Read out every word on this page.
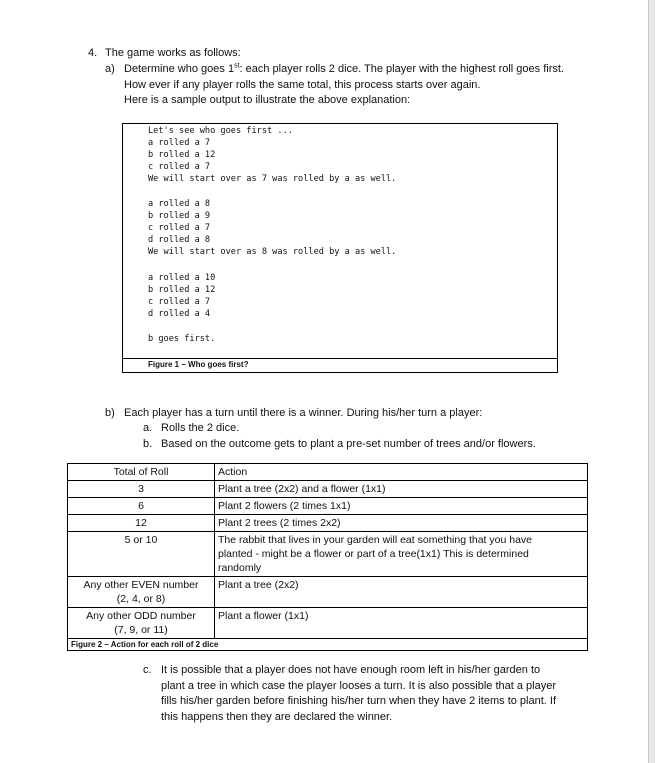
4. The game works as follows:
a) Determine who goes 1st: each player rolls 2 dice. The player with the highest roll goes first.
How ever if any player rolls the same total, this process starts over again.
Here is a sample output to illustrate the above explanation:
Let's see who goes first ...
a rolled a 7
b rolled a 12
c rolled a 7
We will start over as 7 was rolled by a as well.
a rolled a 8
b rolled a 9
c rolled a 7
d rolled a 8
We will start over as 8 was rolled by a as well.
a rolled a 10
b rolled a 12
c rolled a 7
d rolled a 4
b goes first.
Figure 1 – Who goes first?
b) Each player has a turn until there is a winner. During his/her turn a player:
a. Rolls the 2 dice.
b. Based on the outcome gets to plant a pre-set number of trees and/or flowers.
Total of Roll	Action
3	Plant a tree (2x2) and a flower (1x1)
6	Plant 2 flowers (2 times 1x1)
12	Plant 2 trees (2 times 2x2)
5 or 10	The rabbit that lives in your garden will eat something that you have
planted - might be a flower or part of a tree(1x1) This is determined
randomly

Any other EVEN number
(2, 4, or 8)	Plant a tree (2x2)

Any other ODD number
(7, 9, or 11)	Plant a flower (1x1)
Figure 2 – Action for each roll of 2 dice	
c. It is possible that a player does not have enough room left in his/her garden to
plant a tree in which case the player looses a turn. It is also possible that a player
fills his/her garden before finishing his/her turn when they have 2 items to plant. If
this happens then they are declared the winner.
